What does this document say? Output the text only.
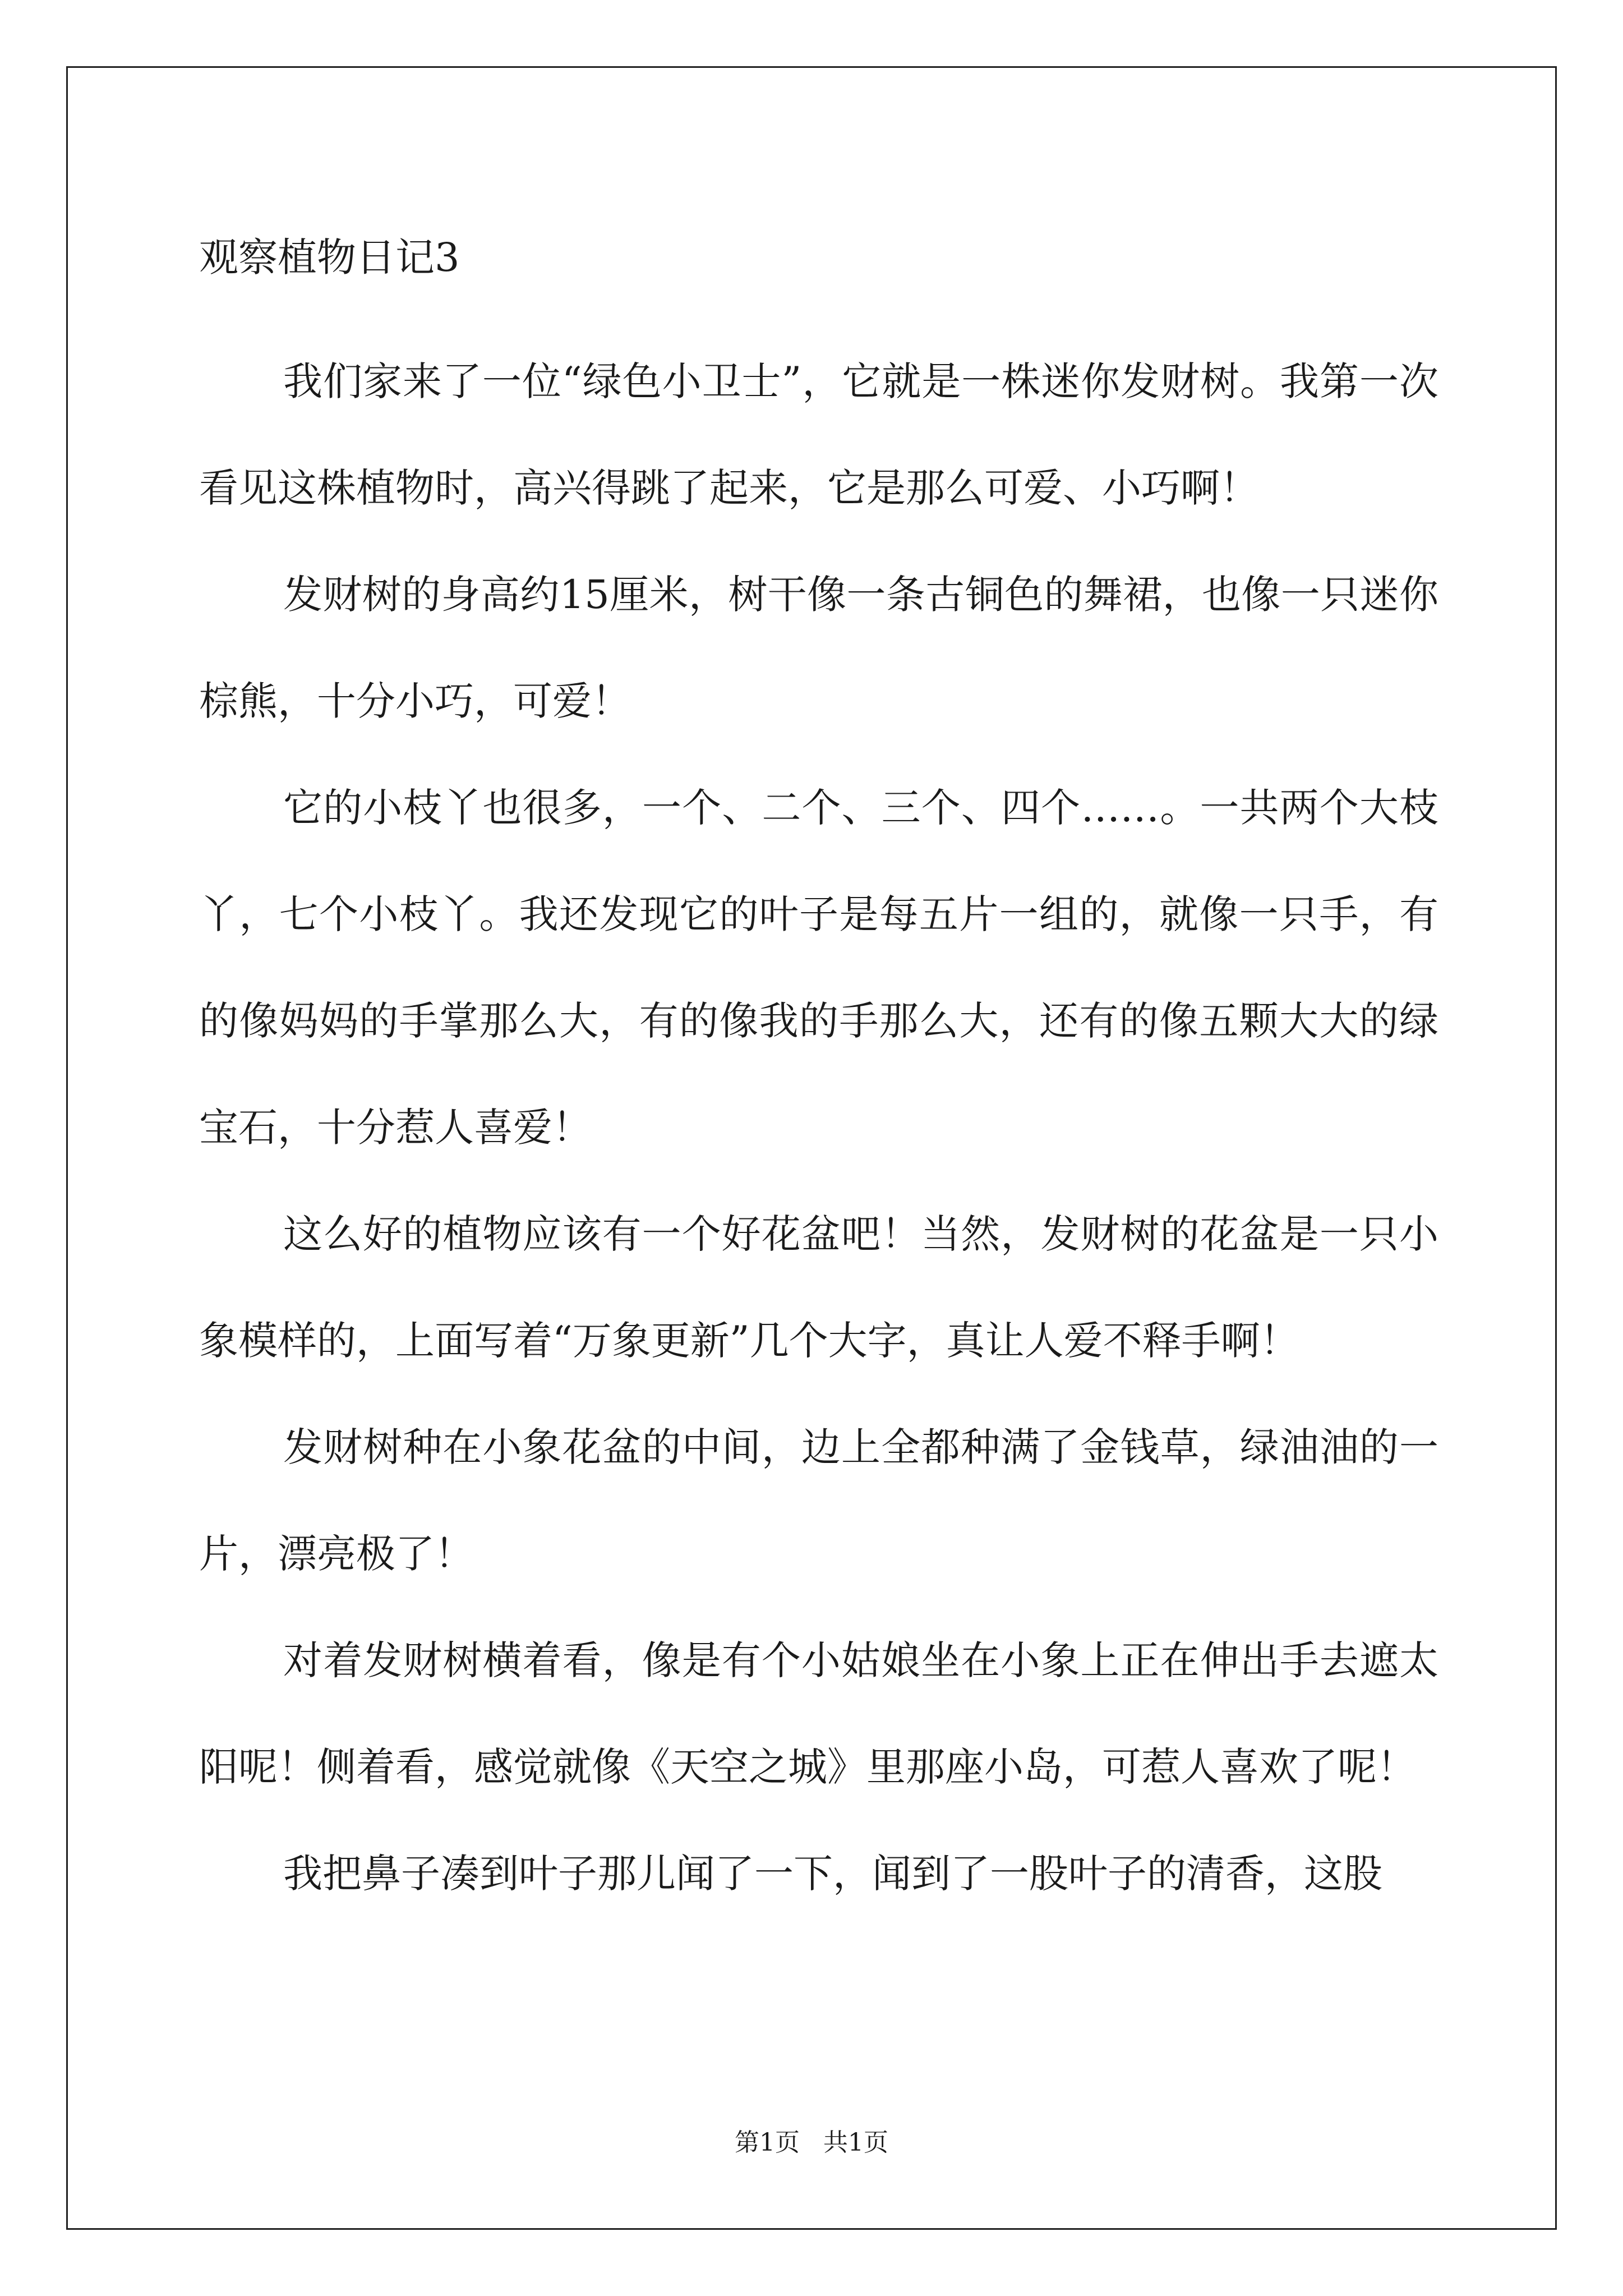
观察植物日记3

我们家来了一位“绿色小卫士”，它就是一株迷你发财树。我第一次看见这株植物时，高兴得跳了起来，它是那么可爱、小巧啊！

发财树的身高约15厘米，树干像一条古铜色的舞裙，也像一只迷你棕熊，十分小巧，可爱！

它的小枝丫也很多，一个、二个、三个、四个……。一共两个大枝丫，七个小枝丫。我还发现它的叶子是每五片一组的，就像一只手，有的像妈妈的手掌那么大，有的像我的手那么大，还有的像五颗大大的绿宝石，十分惹人喜爱！

这么好的植物应该有一个好花盆吧！当然，发财树的花盆是一只小象模样的，上面写着“万象更新”几个大字，真让人爱不释手啊！

发财树种在小象花盆的中间，边上全都种满了金钱草，绿油油的一片，漂亮极了！

对着发财树横着看，像是有个小姑娘坐在小象上正在伸出手去遮太阳呢！侧着看，感觉就像《天空之城》里那座小岛，可惹人喜欢了呢！

我把鼻子凑到叶子那儿闻了一下，闻到了一股叶子的清香，这股

第1页   共1页
